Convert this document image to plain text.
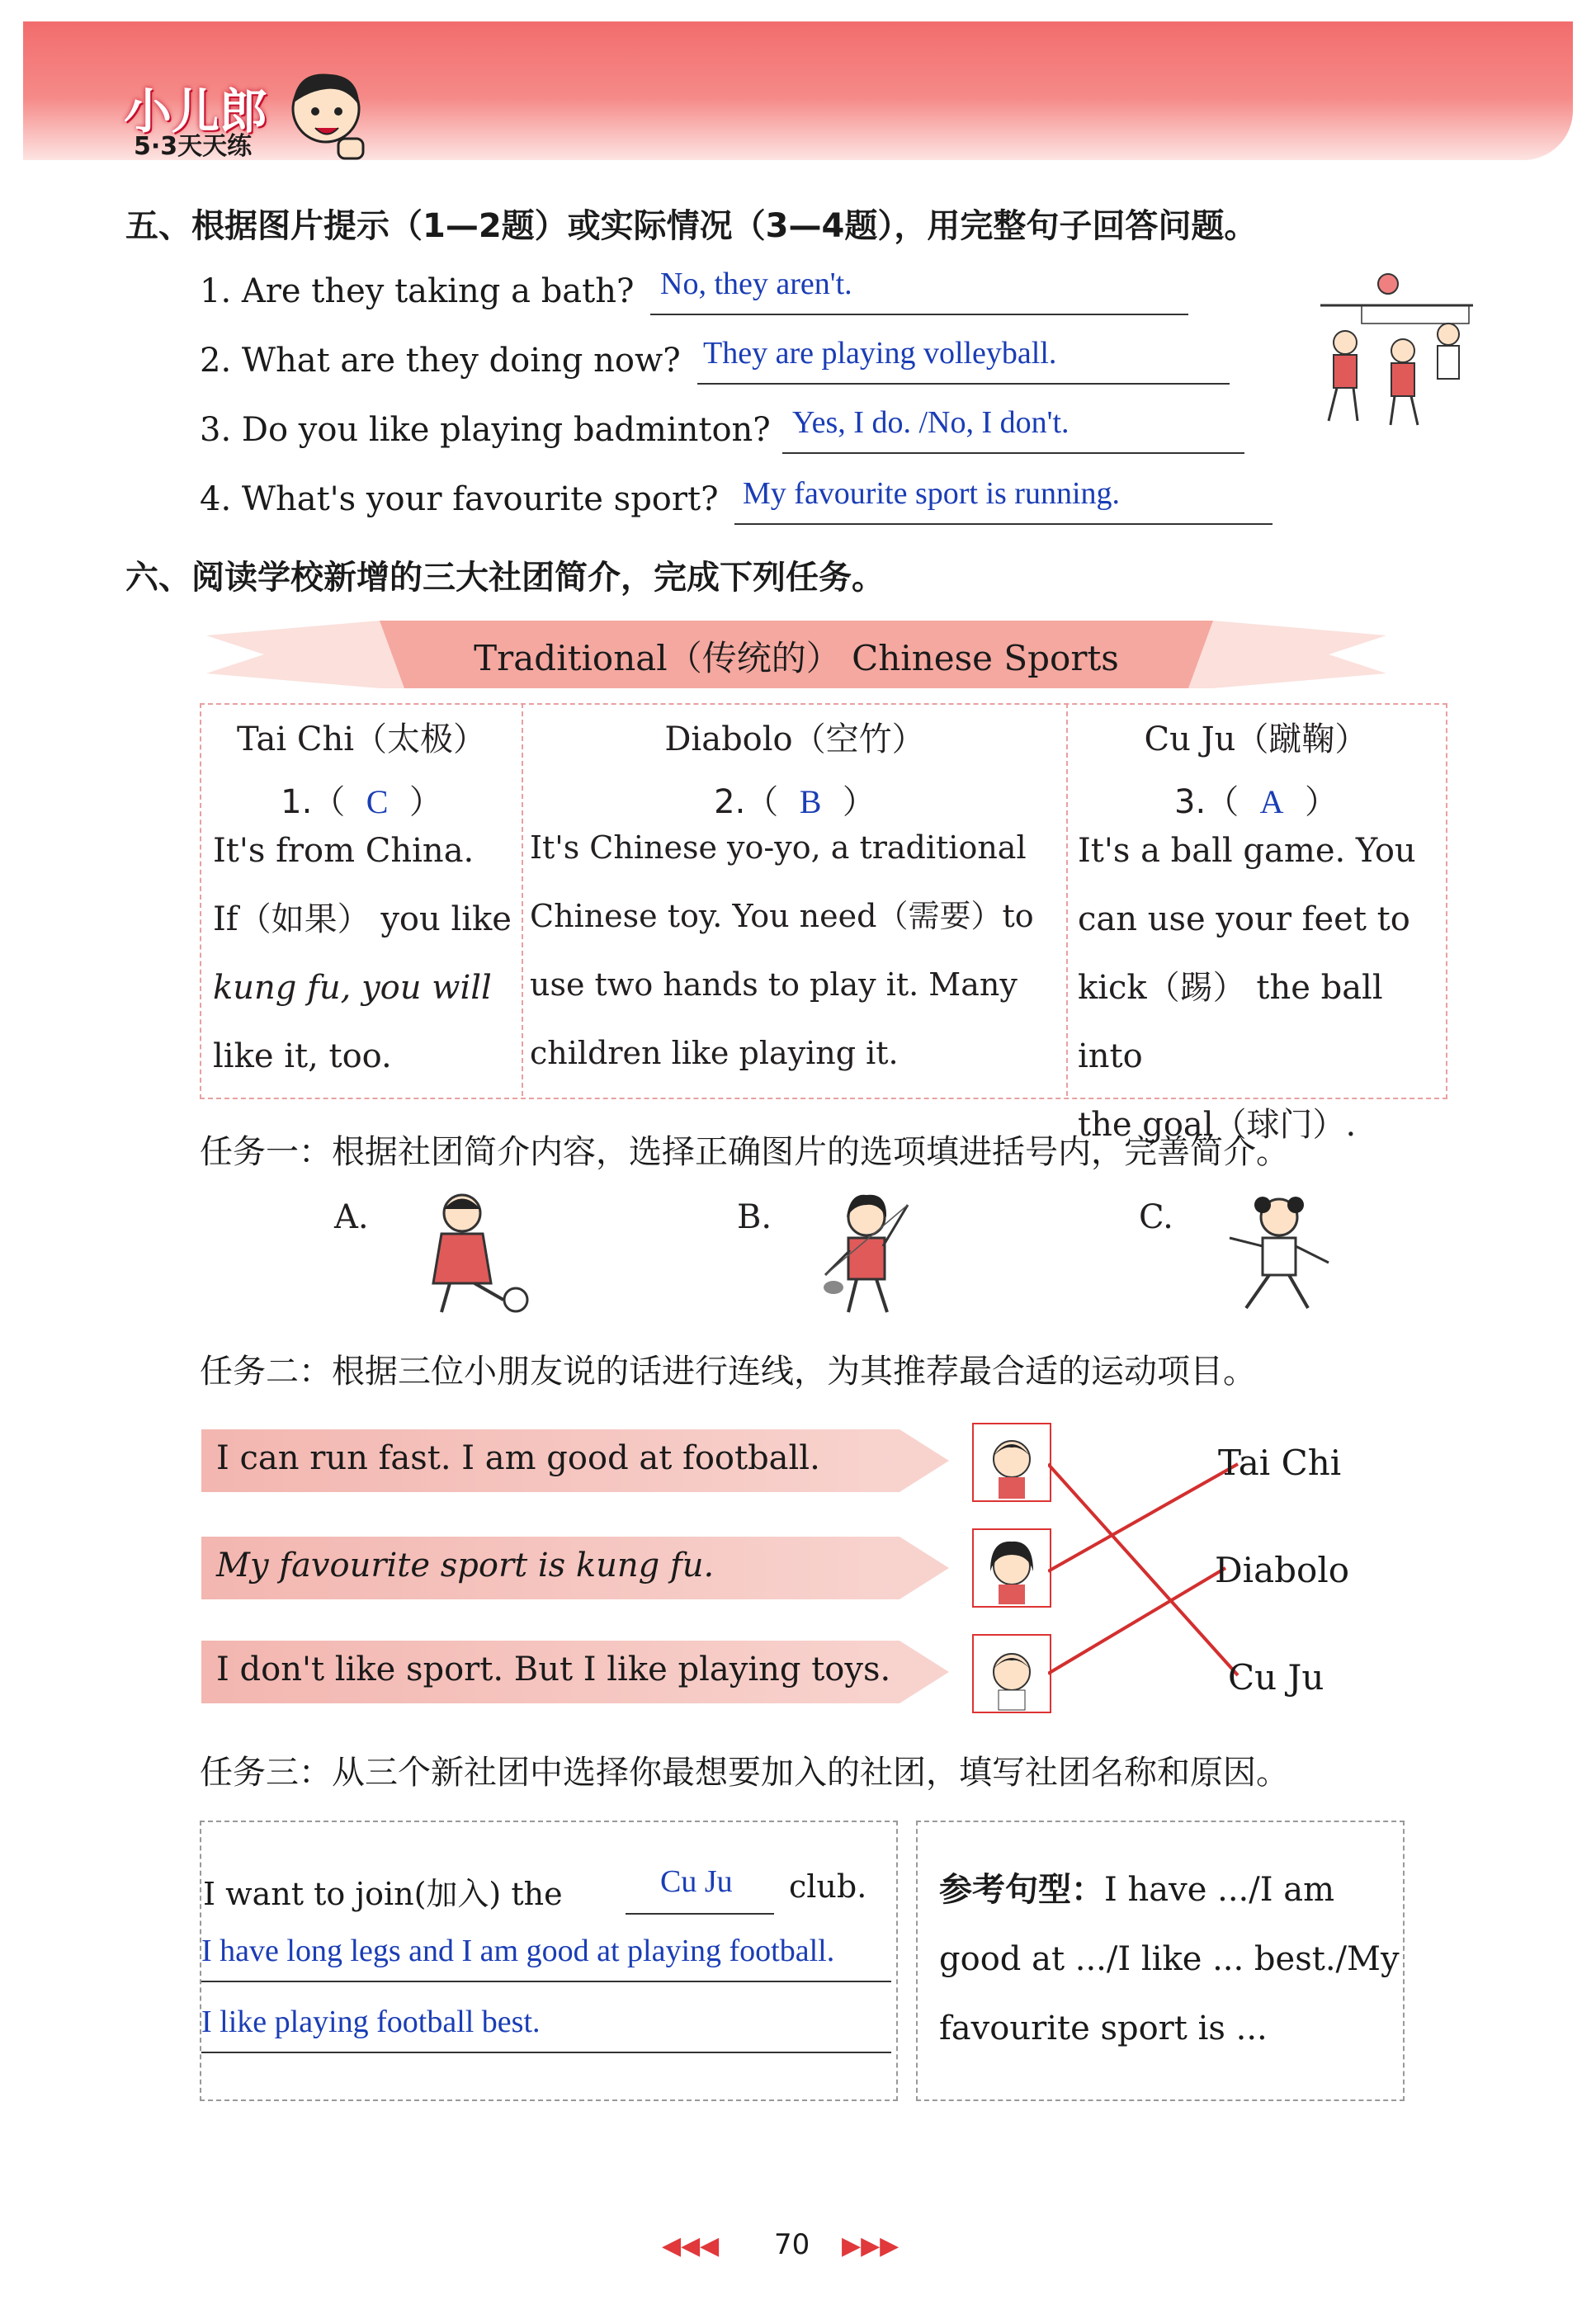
小儿郎
5·3天天练
五、根据图片提示（1—2题）或实际情况（3—4题），用完整句子回答问题。
1. Are they taking a bath? No, they aren't.
2. What are they doing now? They are playing volleyball.
3. Do you like playing badminton? Yes, I do. /No, I don't.
4. What's your favourite sport? My favourite sport is running.
六、阅读学校新增的三大社团简介，完成下列任务。
Traditional（传统的） Chinese Sports
Tai Chi（太极）
1.（ C ）
It's from China.
If（如果） you like
kung fu, you will
like it, too.
Diabolo（空竹）
2.（ B ）
It's Chinese yo-yo, a traditional
Chinese toy. You need（需要）to
use two hands to play it. Many
children like playing it.
Cu Ju（蹴鞠）
3.（ A ）
It's a ball game. You
can use your feet to
kick（踢） the ball into
the goal（球门）.
任务一：根据社团简介内容，选择正确图片的选项填进括号内，完善简介。
A.	B.	C.
任务二：根据三位小朋友说的话进行连线，为其推荐最合适的运动项目。
I can run fast. I am good at football.
My favourite sport is kung fu.
I don't like sport. But I like playing toys.
Tai Chi
Diabolo
Cu Ju
任务三：从三个新社团中选择你最想要加入的社团，填写社团名称和原因。
I want to join(加入) the	Cu Ju club.
I have long legs and I am good at playing football.
I like playing football best.
参考句型：I have .../I am
good at .../I like ... best./My
favourite sport is ...
◀◀◀ 70 ▶▶▶
